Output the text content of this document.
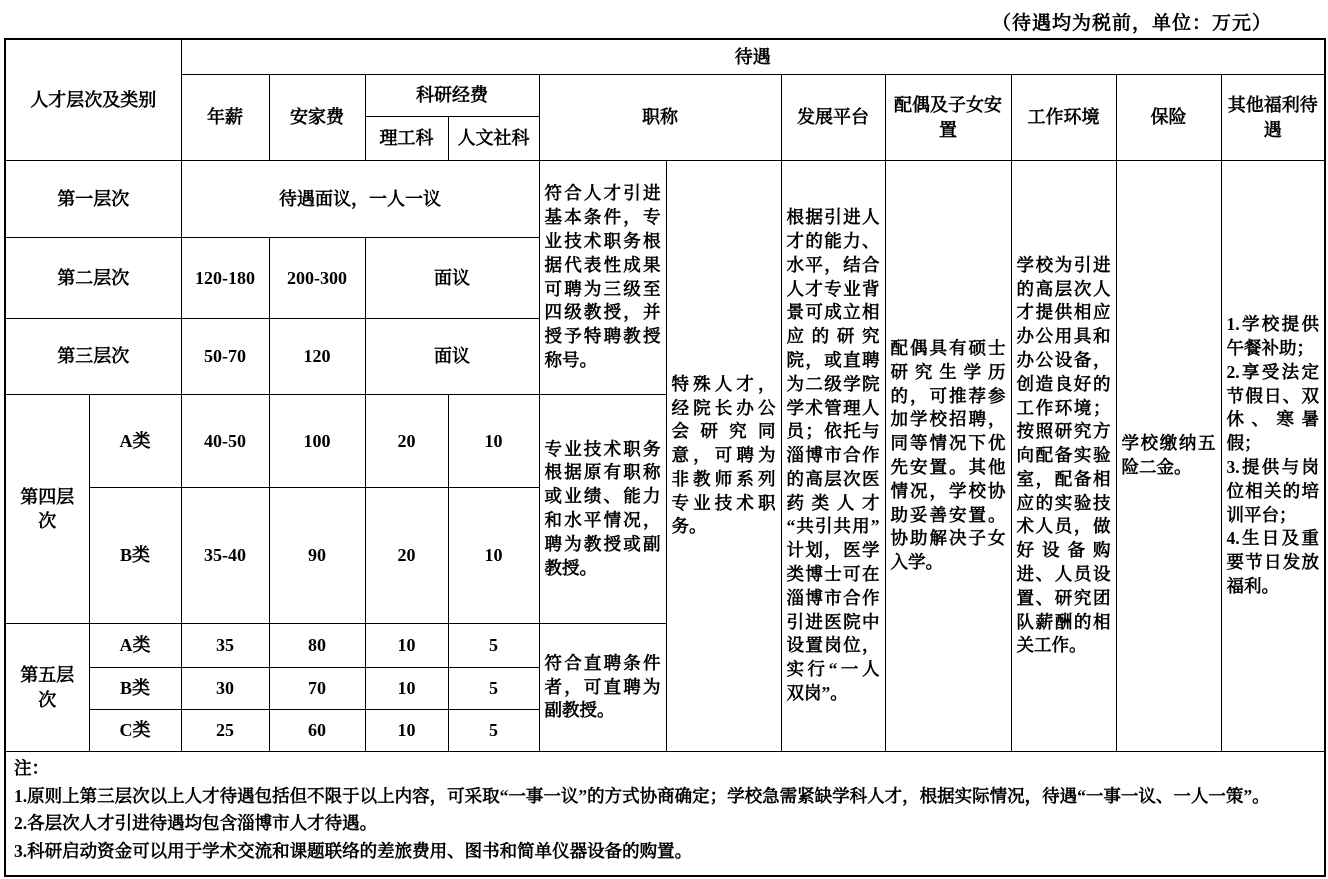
（待遇均为税前，单位：万元）
人才层次及类别		待遇										
		年薪	安家费	科研经费		职称		发展平台	配偶及子女安置	工作环境	保险	其他福利待遇
				理工科	人文社科							
第一层次		待遇面议，一人一议				符合人才引进基本条件，专业技术职务根据代表性成果可聘为三级至四级教授，并授予特聘教授称号。	特殊人才，经院长办公会研究同意，可聘为非教师系列专业技术职务。	根据引进人才的能力、水平，结合人才专业背景可成立相应的研究院，或直聘为二级学院学术管理人员；依托与淄博市合作的高层次医药类人才“共引共用”计划，医学类博士可在淄博市合作引进医院中设置岗位，实行“一人双岗”。	配偶具有硕士研究生学历的，可推荐参加学校招聘，同等情况下优先安置。其他情况，学校协助妥善安置。协助解决子女入学。	学校为引进的高层次人才提供相应办公用具和办公设备，创造良好的工作环境；按照研究方向配备实验室，配备相应的实验技术人员，做好设备购进、人员设置、研究团队薪酬的相关工作。	学校缴纳五险二金。	1.学校提供午餐补助；
2.享受法定节假日、双休、寒暑假；
3.提供与岗位相关的培训平台；
4.生日及重要节日发放福利。

第二层次		120-180	200-300	面议								
第三层次		50-70	120	面议								
第四层次	A类	40-50	100	20	10	专业技术职务根据原有职称或业绩、能力和水平情况，聘为教授或副教授。						
	B类	35-40	90	20	10							
第五层次	A类	35	80	10	5	符合直聘条件者，可直聘为副教授。						
	B类	30	70	10	5							
	C类	25	60	10	5							

注：
1.原则上第三层次以上人才待遇包括但不限于以上内容，可采取“一事一议”的方式协商确定；学校急需紧缺学科人才，根据实际情况，待遇“一事一议、一人一策”。
2.各层次人才引进待遇均包含淄博市人才待遇。
3.科研启动资金可以用于学术交流和课题联络的差旅费用、图书和简单仪器设备的购置。												
